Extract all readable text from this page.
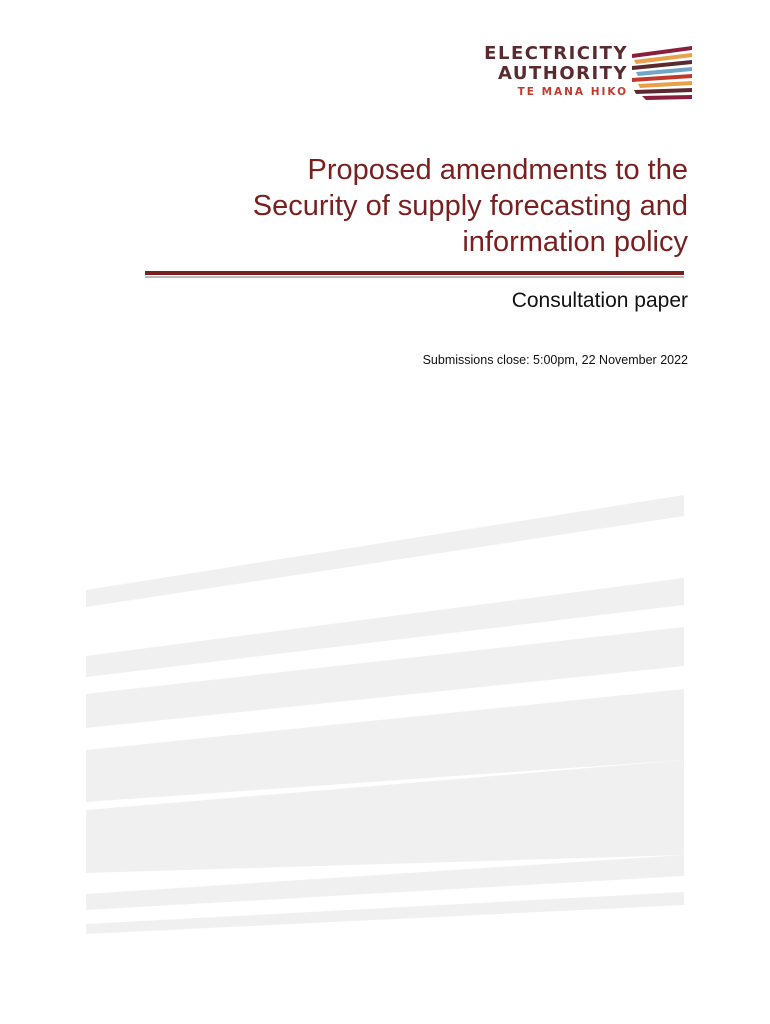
ELECTRICITY
AUTHORITY
TE MANA HIKO
Proposed amendments to the
Security of supply forecasting and
information policy
Consultation paper

Submissions close: 5:00pm, 22 November 2022
